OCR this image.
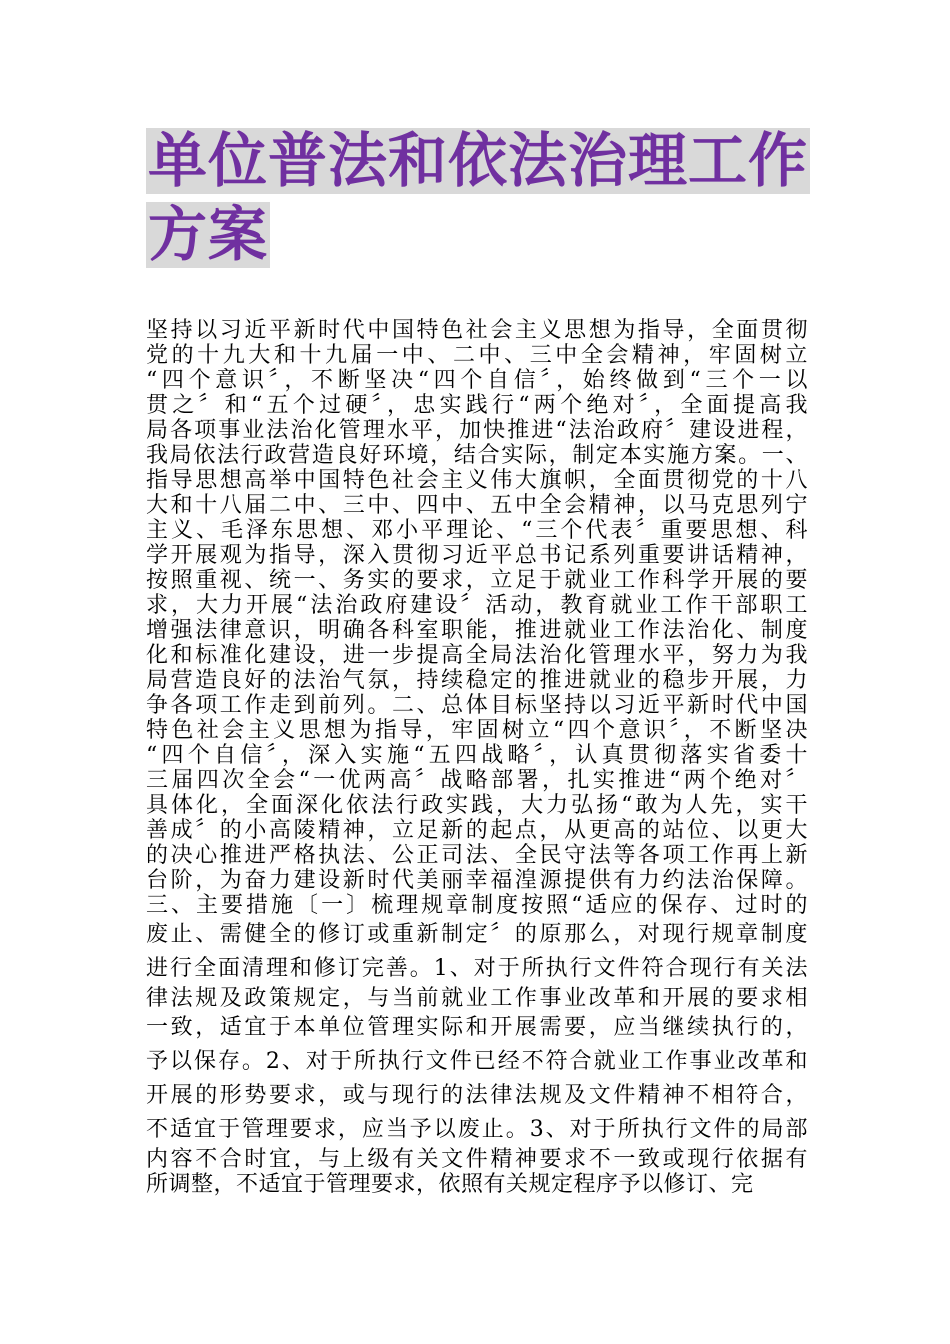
单位普法和依法治理工作
方案
坚持以习近平新时代中国特色社会主义思想为指导，全面贯彻
党的十九大和十九届一中、二中、三中全会精神，牢固树立
“四个意识〞，不断坚决“四个自信〞，始终做到“三个一以
贯之〞和“五个过硬〞，忠实践行“两个绝对〞，全面提高我
局各项事业法治化管理水平，加快推进“法治政府〞建设进程，
我局依法行政营造良好环境，结合实际，制定本实施方案。一、
指导思想高举中国特色社会主义伟大旗帜，全面贯彻党的十八
大和十八届二中、三中、四中、五中全会精神，以马克思列宁
主义、毛泽东思想、邓小平理论、“三个代表〞重要思想、科
学开展观为指导，深入贯彻习近平总书记系列重要讲话精神，
按照重视、统一、务实的要求，立足于就业工作科学开展的要
求，大力开展“法治政府建设〞活动，教育就业工作干部职工
增强法律意识，明确各科室职能，推进就业工作法治化、制度
化和标准化建设，进一步提高全局法治化管理水平，努力为我
局营造良好的法治气氛，持续稳定的推进就业的稳步开展，力
争各项工作走到前列。二、总体目标坚持以习近平新时代中国
特色社会主义思想为指导，牢固树立“四个意识〞，不断坚决
“四个自信〞，深入实施“五四战略〞，认真贯彻落实省委十
三届四次全会“一优两高〞战略部署，扎实推进“两个绝对〞
具体化，全面深化依法行政实践，大力弘扬“敢为人先，实干
善成〞的小高陵精神，立足新的起点，从更高的站位、以更大
的决心推进严格执法、公正司法、全民守法等各项工作再上新
台阶，为奋力建设新时代美丽幸福湟源提供有力约法治保障。
三、主要措施〔一〕梳理规章制度按照“适应的保存、过时的
废止、需健全的修订或重新制定〞的原那么，对现行规章制度
进行全面清理和修订完善。1、对于所执行文件符合现行有关法
律法规及政策规定，与当前就业工作事业改革和开展的要求相
一致，适宜于本单位管理实际和开展需要，应当继续执行的，
予以保存。2、对于所执行文件已经不符合就业工作事业改革和
开展的形势要求，或与现行的法律法规及文件精神不相符合，
不适宜于管理要求，应当予以废止。3、对于所执行文件的局部
内容不合时宜，与上级有关文件精神要求不一致或现行依据有
所调整，不适宜于管理要求，依照有关规定程序予以修订、完
